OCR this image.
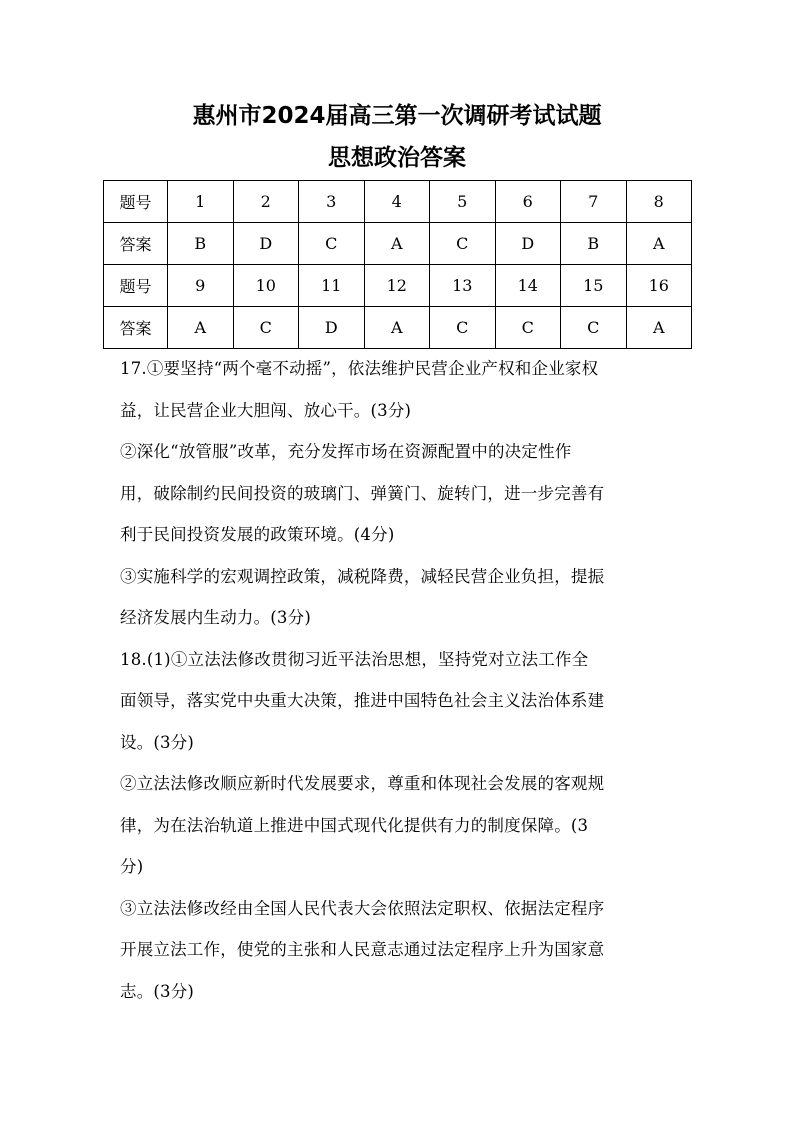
惠州市2024届高三第一次调研考试试题
思想政治答案
题号	1	2	3	4	5	6	7	8
答案	B	D	C	A	C	D	B	A
题号	9	10	11	12	13	14	15	16
答案	A	C	D	A	C	C	C	A
17.①要坚持“两个毫不动摇”，依法维护民营企业产权和企业家权
益，让民营企业大胆闯、放心干。(3分)
②深化“放管服”改革，充分发挥市场在资源配置中的决定性作
用，破除制约民间投资的玻璃门、弹簧门、旋转门，进一步完善有
利于民间投资发展的政策环境。(4分)
③实施科学的宏观调控政策，减税降费，减轻民营企业负担，提振
经济发展内生动力。(3分)
18.(1)①立法法修改贯彻习近平法治思想，坚持党对立法工作全
面领导，落实党中央重大决策，推进中国特色社会主义法治体系建
设。(3分)
②立法法修改顺应新时代发展要求，尊重和体现社会发展的客观规
律，为在法治轨道上推进中国式现代化提供有力的制度保障。(3
分)
③立法法修改经由全国人民代表大会依照法定职权、依据法定程序
开展立法工作，使党的主张和人民意志通过法定程序上升为国家意
志。(3分)
